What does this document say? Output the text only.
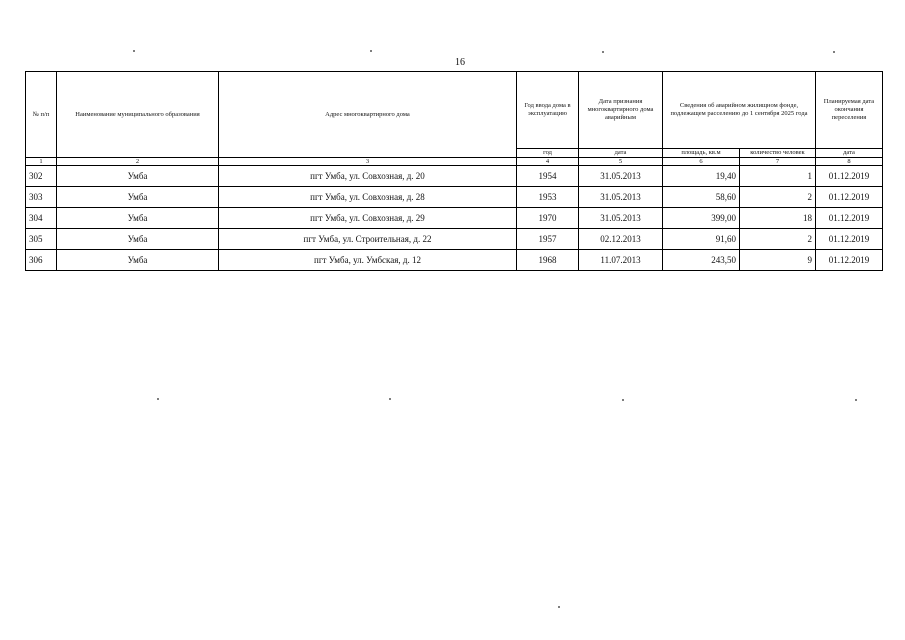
16
№ п/п	Наименование муниципального образования	Адрес многоквартирного дома	Год ввода дома в эксплуатацию	Дата признания многоквартирного дома аварийным	Сведения об аварийном жилищном фонде, подлежащем расселению до 1 сентября 2025 года		Планируемая дата окончания переселения
			год	дата	площадь, кв.м	количество человек	дата
1	2	3	4	5	6	7	8
302	Умба	пгт Умба, ул. Совхозная, д. 20	1954	31.05.2013	19,40	1	01.12.2019
303	Умба	пгт Умба, ул. Совхозная, д. 28	1953	31.05.2013	58,60	2	01.12.2019
304	Умба	пгт Умба, ул. Совхозная, д. 29	1970	31.05.2013	399,00	18	01.12.2019
305	Умба	пгт Умба, ул. Строительная, д. 22	1957	02.12.2013	91,60	2	01.12.2019
306	Умба	пгт Умба, ул. Умбская, д. 12	1968	11.07.2013	243,50	9	01.12.2019
